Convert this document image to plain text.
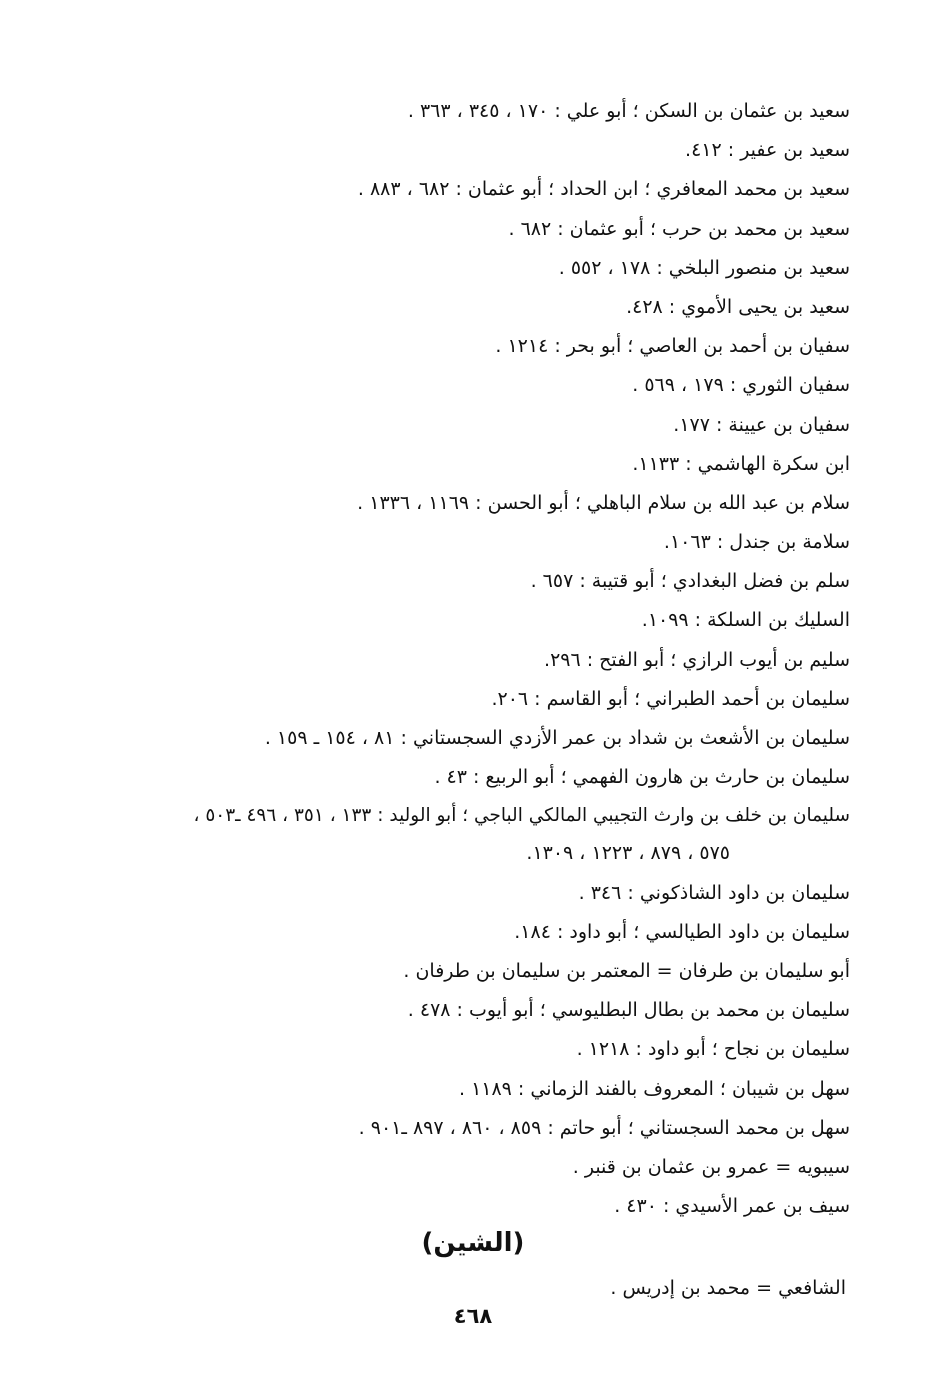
سعيد بن عثمان بن السكن ؛ أبو علي : ١٧٠ ، ٣٤٥ ، ٣٦٣ .
سعيد بن عفير : ٤١٢.
سعيد بن محمد المعافري ؛ ابن الحداد ؛ أبو عثمان : ٦٨٢ ، ٨٨٣ .
سعيد بن محمد بن حرب ؛ أبو عثمان : ٦٨٢ .
سعيد بن منصور البلخي : ١٧٨ ، ٥٥٢ .
سعيد بن يحيى الأموي : ٤٢٨.
سفيان بن أحمد بن العاصي ؛ أبو بحر : ١٢١٤ .
سفيان الثوري : ١٧٩ ، ٥٦٩ .
سفيان بن عيينة : ١٧٧.
ابن سكرة الهاشمي : ١١٣٣.
سلام بن عبد الله بن سلام الباهلي ؛ أبو الحسن : ١١٦٩ ، ١٣٣٦ .
سلامة بن جندل : ١٠٦٣.
سلم بن فضل البغدادي ؛ أبو قتيبة : ٦٥٧ .
السليك بن السلكة : ١٠٩٩.
سليم بن أيوب الرازي ؛ أبو الفتح : ٢٩٦.
سليمان بن أحمد الطبراني ؛ أبو القاسم : ٢٠٦.
سليمان بن الأشعث بن شداد بن عمر الأزدي السجستاني : ٨١ ، ١٥٤ ـ ١٥٩ .
سليمان بن حارث بن هارون الفهمي ؛ أبو الربيع : ٤٣ .
سليمان بن خلف بن وارث التجيبي المالكي الباجي ؛ أبو الوليد : ١٣٣ ، ٣٥١ ، ٤٩٦ ـ٥٠٣ ،
٥٧٥ ، ٨٧٩ ، ١٢٢٣ ، ١٣٠٩.
سليمان بن داود الشاذكوني : ٣٤٦ .
سليمان بن داود الطيالسي ؛ أبو داود : ١٨٤.
أبو سليمان بن طرفان = المعتمر بن سليمان بن طرفان .
سليمان بن محمد بن بطال البطليوسي ؛ أبو أيوب : ٤٧٨ .
سليمان بن نجاح ؛ أبو داود : ١٢١٨ .
سهل بن شيبان ؛ المعروف بالفند الزماني : ١١٨٩ .
سهل بن محمد السجستاني ؛ أبو حاتم : ٨٥٩ ، ٨٦٠ ، ٨٩٧ ـ٩٠١ .
سيبويه = عمرو بن عثمان بن قنبر .
سيف بن عمر الأسيدي : ٤٣٠ .
(الشين)

الشافعي = محمد بن إدريس .

٤٦٨
